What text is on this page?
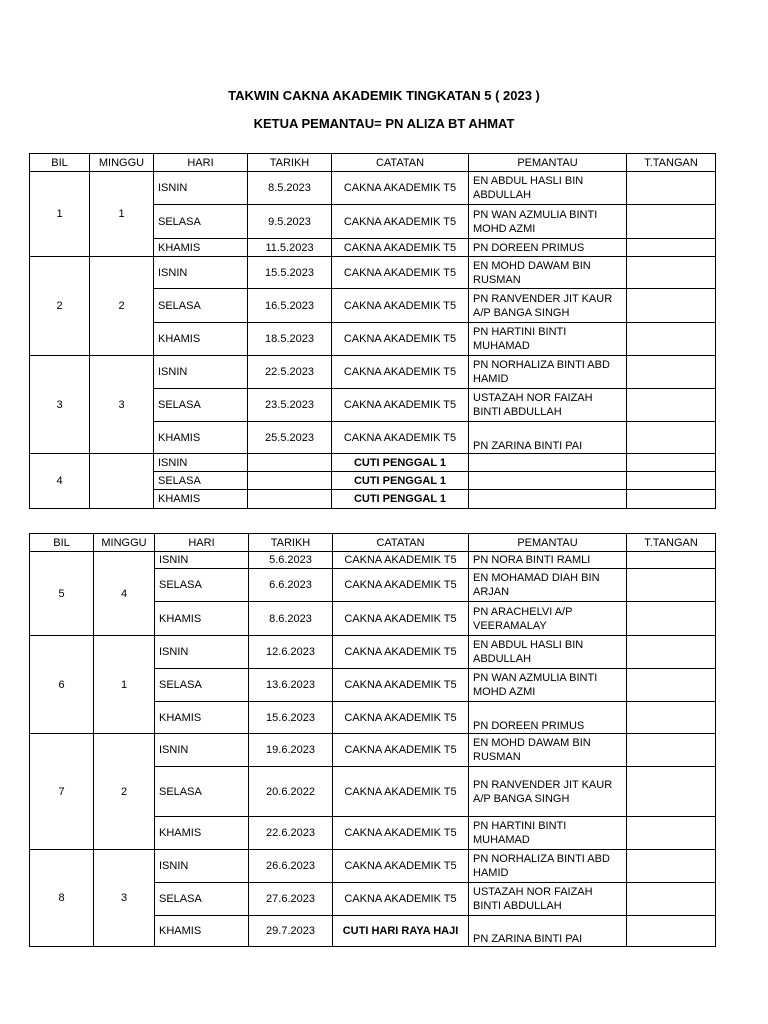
TAKWIN CAKNA AKADEMIK TINGKATAN 5 ( 2023 )
KETUA PEMANTAU= PN ALIZA BT AHMAT
BIL	MINGGU	HARI	TARIKH	CATATAN	PEMANTAU	T.TANGAN
1	1	ISNIN	8.5.2023	CAKNA AKADEMIK T5	EN ABDUL HASLI BIN ABDULLAH	
		SELASA	9.5.2023	CAKNA AKADEMIK T5	PN WAN AZMULIA BINTI MOHD AZMI	
		KHAMIS	11.5.2023	CAKNA AKADEMIK T5	PN DOREEN PRIMUS	
2	2	ISNIN	15.5.2023	CAKNA AKADEMIK T5	EN MOHD DAWAM BIN RUSMAN	
		SELASA	16.5.2023	CAKNA AKADEMIK T5	PN RANVENDER JIT KAUR A/P BANGA SINGH	
		KHAMIS	18.5.2023	CAKNA AKADEMIK T5	PN HARTINI BINTI MUHAMAD	
3	3	ISNIN	22.5.2023	CAKNA AKADEMIK T5	PN NORHALIZA BINTI ABD HAMID	
		SELASA	23.5.2023	CAKNA AKADEMIK T5	USTAZAH NOR FAIZAH BINTI ABDULLAH	
		KHAMIS	25.5.2023	CAKNA AKADEMIK T5	PN ZARINA BINTI PAI	
4		ISNIN		CUTI PENGGAL 1		
		SELASA		CUTI PENGGAL 1		
		KHAMIS		CUTI PENGGAL 1		
BIL	MINGGU	HARI	TARIKH	CATATAN	PEMANTAU	T.TANGAN
5	4	ISNIN	5.6.2023	CAKNA AKADEMIK T5	PN NORA BINTI RAMLI	
		SELASA	6.6.2023	CAKNA AKADEMIK T5	EN MOHAMAD DIAH BIN ARJAN	
		KHAMIS	8.6.2023	CAKNA AKADEMIK T5	PN ARACHELVI A/P VEERAMALAY	
6	1	ISNIN	12.6.2023	CAKNA AKADEMIK T5	EN ABDUL HASLI BIN ABDULLAH	
		SELASA	13.6.2023	CAKNA AKADEMIK T5	PN WAN AZMULIA BINTI MOHD AZMI	
		KHAMIS	15.6.2023	CAKNA AKADEMIK T5	PN DOREEN PRIMUS	
7	2	ISNIN	19.6.2023	CAKNA AKADEMIK T5	EN MOHD DAWAM BIN RUSMAN	
		SELASA	20.6.2022	CAKNA AKADEMIK T5	PN RANVENDER JIT KAUR A/P BANGA SINGH	
		KHAMIS	22.6.2023	CAKNA AKADEMIK T5	PN HARTINI BINTI MUHAMAD	
8	3	ISNIN	26.6.2023	CAKNA AKADEMIK T5	PN NORHALIZA BINTI ABD HAMID	
		SELASA	27.6.2023	CAKNA AKADEMIK T5	USTAZAH NOR FAIZAH BINTI ABDULLAH	
		KHAMIS	29.7.2023	CUTI HARI RAYA HAJI	PN ZARINA BINTI PAI	
